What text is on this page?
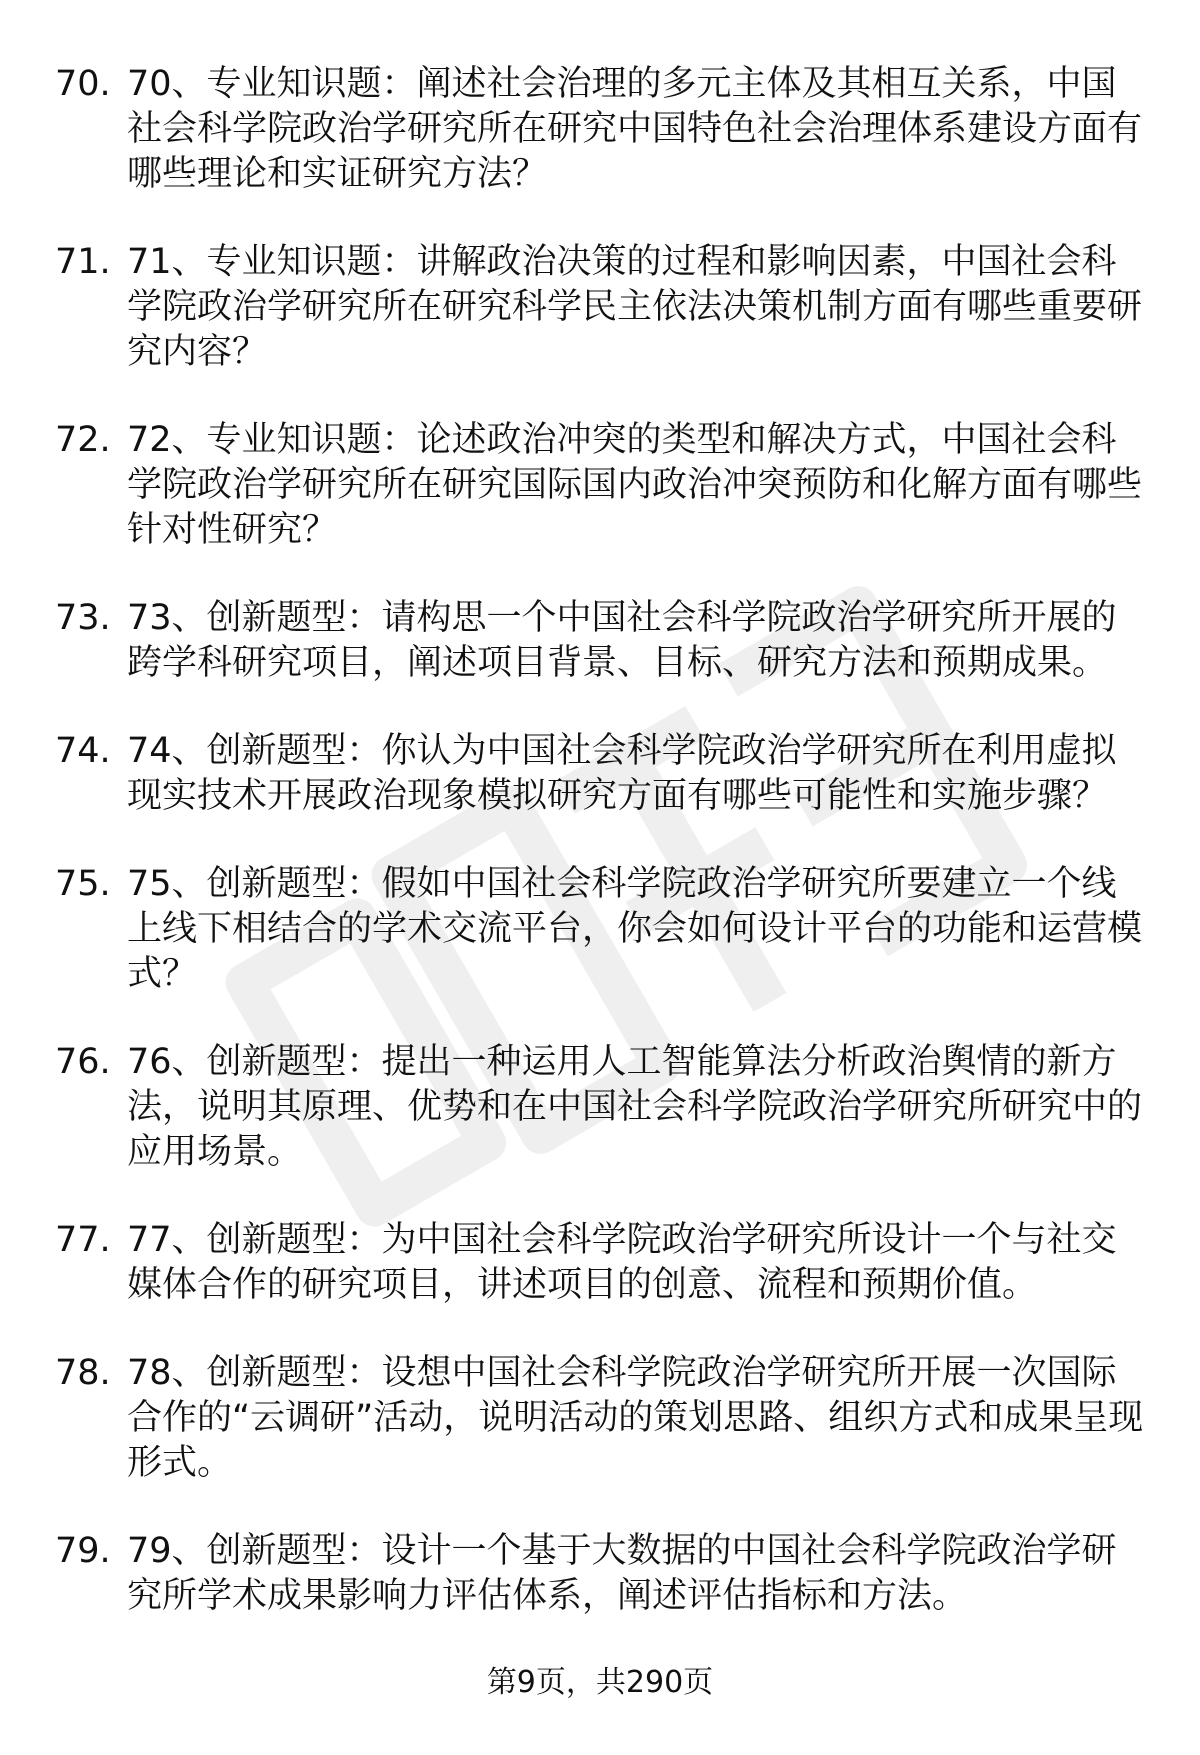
70. 70、专业知识题：阐述社会治理的多元主体及其相互关系，中国社会科学院政治学研究所在研究中国特色社会治理体系建设方面有哪些理论和实证研究方法？
71. 71、专业知识题：讲解政治决策的过程和影响因素，中国社会科学院政治学研究所在研究科学民主依法决策机制方面有哪些重要研究内容？
72. 72、专业知识题：论述政治冲突的类型和解决方式，中国社会科学院政治学研究所在研究国际国内政治冲突预防和化解方面有哪些针对性研究？
73. 73、创新题型：请构思一个中国社会科学院政治学研究所开展的跨学科研究项目，阐述项目背景、目标、研究方法和预期成果。
74. 74、创新题型：你认为中国社会科学院政治学研究所在利用虚拟现实技术开展政治现象模拟研究方面有哪些可能性和实施步骤？
75. 75、创新题型：假如中国社会科学院政治学研究所要建立一个线上线下相结合的学术交流平台，你会如何设计平台的功能和运营模式？
76. 76、创新题型：提出一种运用人工智能算法分析政治舆情的新方法，说明其原理、优势和在中国社会科学院政治学研究所研究中的应用场景。
77. 77、创新题型：为中国社会科学院政治学研究所设计一个与社交媒体合作的研究项目，讲述项目的创意、流程和预期价值。
78. 78、创新题型：设想中国社会科学院政治学研究所开展一次国际合作的“云调研”活动，说明活动的策划思路、组织方式和成果呈现形式。
79. 79、创新题型：设计一个基于大数据的中国社会科学院政治学研究所学术成果影响力评估体系，阐述评估指标和方法。
第9页，共290页
